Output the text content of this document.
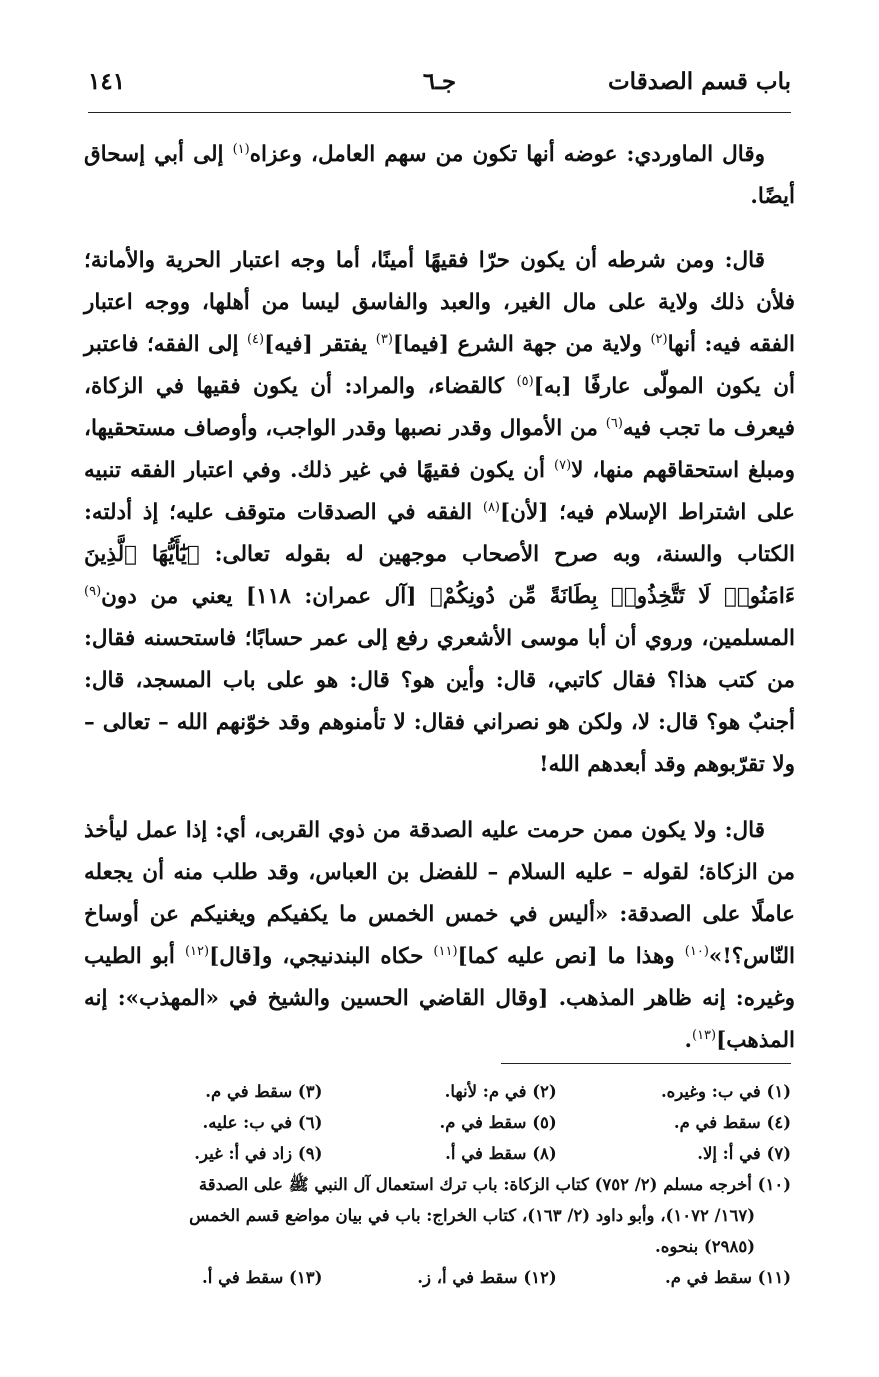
باب قسم الصدقات
جـ٦
١٤١

وقال الماوردي: عوضه أنها تكون من سهم العامل، وعزاه$^{(١)}$ إلى أبي إسحاق أيضًا.

قال: ومن شرطه أن يكون حرّا فقيهًا أمينًا، أما وجه اعتبار الحرية والأمانة؛ فلأن ذلك ولاية على مال الغير، والعبد والفاسق ليسا من أهلها، ووجه اعتبار الفقه فيه: أنها$^{(٢)}$ ولاية من جهة الشرع [فيما]$^{(٣)}$ يفتقر [فيه]$^{(٤)}$ إلى الفقه؛ فاعتبر أن يكون المولّى عارفًا [به]$^{(٥)}$ كالقضاء، والمراد: أن يكون فقيها في الزكاة، فيعرف ما تجب فيه$^{(٦)}$ من الأموال وقدر نصبها وقدر الواجب، وأوصاف مستحقيها، ومبلغ استحقاقهم منها، لا$^{(٧)}$ أن يكون فقيهًا في غير ذلك. وفي اعتبار الفقه تنبيه على اشتراط الإسلام فيه؛ [لأن]$^{(٨)}$ الفقه في الصدقات متوقف عليه؛ إذ أدلته: الكتاب والسنة، وبه صرح الأصحاب موجهين له بقوله تعالى: ﴿يَٰٓأَيُّهَا ٱلَّذِينَ ءَامَنُوا۟ لَا تَتَّخِذُوا۟ بِطَانَةً مِّن دُونِكُمْ﴾ [آل عمران: ١١٨] يعني من دون$^{(٩)}$ المسلمين، وروي أن أبا موسى الأشعري رفع إلى عمر حسابًا؛ فاستحسنه فقال: من كتب هذا؟ فقال كاتبي، قال: وأين هو؟ قال: هو على باب المسجد، قال: أجنبٌ هو؟ قال: لا، ولكن هو نصراني فقال: لا تأمنوهم وقد خوّنهم الله – تعالى – ولا تقرّبوهم وقد أبعدهم الله!

قال: ولا يكون ممن حرمت عليه الصدقة من ذوي القربى، أي: إذا عمل ليأخذ من الزكاة؛ لقوله – عليه السلام – للفضل بن العباس، وقد طلب منه أن يجعله عاملًا على الصدقة: «أليس في خمس الخمس ما يكفيكم ويغنيكم عن أوساخ النّاس؟!»$^{(١٠)}$ وهذا ما [نص عليه كما]$^{(١١)}$ حكاه البندنيجي، و[قال]$^{(١٢)}$ أبو الطيب وغيره: إنه ظاهر المذهب. [وقال القاضي الحسين والشيخ في «المهذب»: إنه المذهب]$^{(١٣)}$.

(١) في ب: وغيره.
(٢) في م: لأنها.
(٣) سقط في م.
(٤) سقط في م.
(٥) سقط في م.
(٦) في ب: عليه.
(٧) في أ: إلا.
(٨) سقط في أ.
(٩) زاد في أ: غير.
(١٠) أخرجه مسلم (٢/ ٧٥٢) كتاب الزكاة: باب ترك استعمال آل النبي ﷺ على الصدقة
(١٦٧/ ١٠٧٢)، وأبو داود (٢/ ١٦٣)، كتاب الخراج: باب في بيان مواضع قسم الخمس
(٢٩٨٥) بنحوه.
(١١) سقط في م.
(١٢) سقط في أ، ز.
(١٣) سقط في أ.
